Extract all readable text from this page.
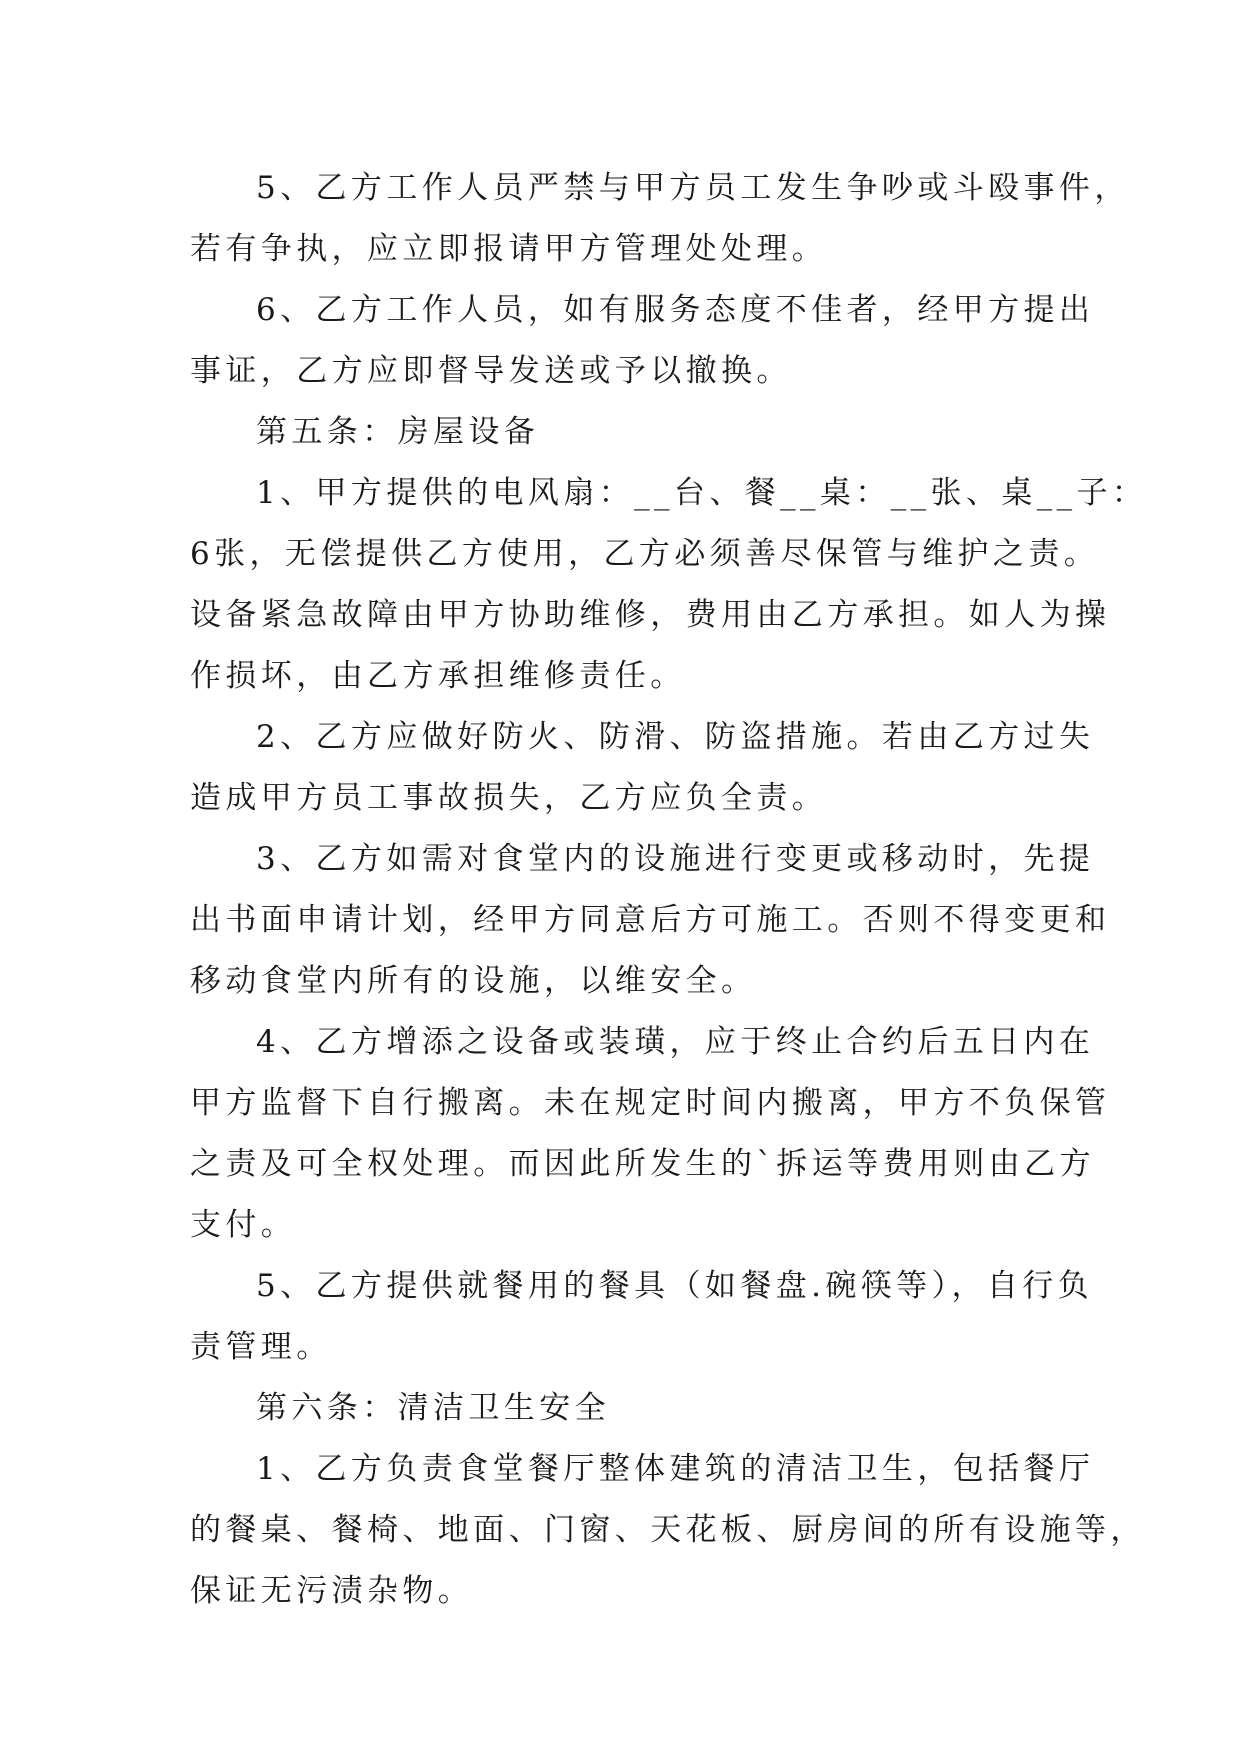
5、乙方工作人员严禁与甲方员工发生争吵或斗殴事件，
若有争执，应立即报请甲方管理处处理。
6、乙方工作人员，如有服务态度不佳者，经甲方提出
事证，乙方应即督导发送或予以撤换。
第五条：房屋设备
1、甲方提供的电风扇：__台、餐__桌：__张、桌__子：
6张，无偿提供乙方使用，乙方必须善尽保管与维护之责。
设备紧急故障由甲方协助维修，费用由乙方承担。如人为操
作损坏，由乙方承担维修责任。
2、乙方应做好防火、防滑、防盗措施。若由乙方过失
造成甲方员工事故损失，乙方应负全责。
3、乙方如需对食堂内的设施进行变更或移动时，先提
出书面申请计划，经甲方同意后方可施工。否则不得变更和
移动食堂内所有的设施，以维安全。
4、乙方增添之设备或装璜，应于终止合约后五日内在
甲方监督下自行搬离。未在规定时间内搬离，甲方不负保管
之责及可全权处理。而因此所发生的`拆运等费用则由乙方
支付。
5、乙方提供就餐用的餐具（如餐盘.碗筷等），自行负
责管理。
第六条：清洁卫生安全
1、乙方负责食堂餐厅整体建筑的清洁卫生，包括餐厅
的餐桌、餐椅、地面、门窗、天花板、厨房间的所有设施等，
保证无污渍杂物。
